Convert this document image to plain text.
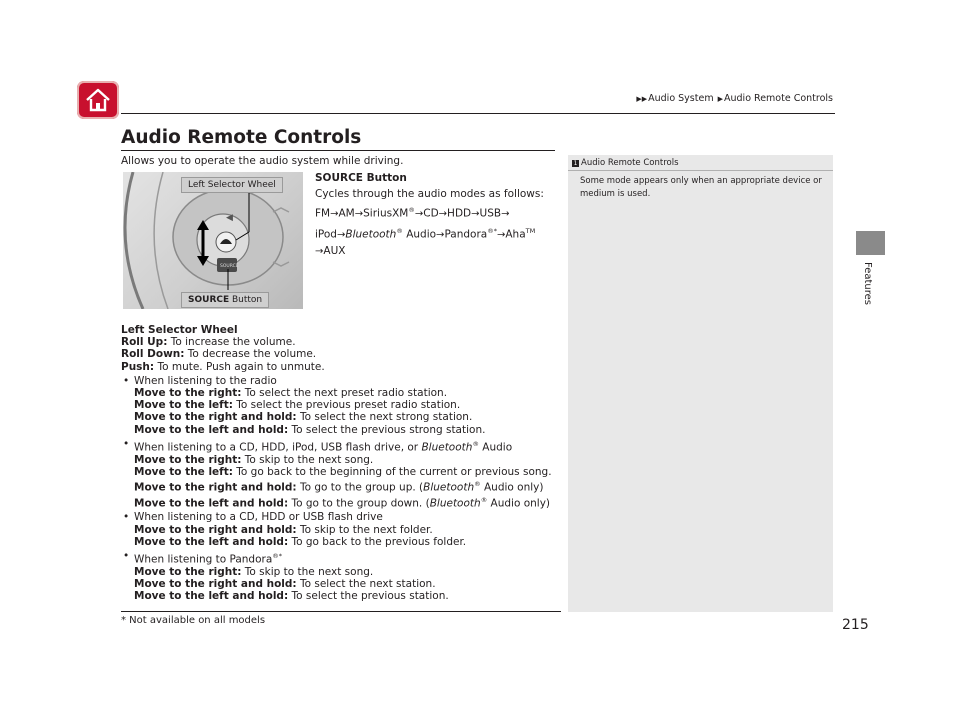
▶▶Audio System ▶Audio Remote Controls
Features
Audio Remote Controls
Allows you to operate the audio system while driving.
◀
SOURCE
Left Selector Wheel
SOURCE Button
SOURCE Button
Cycles through the audio modes as follows:
FM→AM→SiriusXM®→CD→HDD→USB→
iPod→Bluetooth® Audio→Pandora®*→Aha™
→AUX
Left Selector Wheel
Roll Up: To increase the volume.
Roll Down: To decrease the volume.
Push: To mute. Push again to unmute.
• When listening to the radio
Move to the right: To select the next preset radio station.
Move to the left: To select the previous preset radio station.
Move to the right and hold: To select the next strong station.
Move to the left and hold: To select the previous strong station.
• When listening to a CD, HDD, iPod, USB flash drive, or Bluetooth® Audio
Move to the right: To skip to the next song.
Move to the left: To go back to the beginning of the current or previous song.
Move to the right and hold: To go to the group up. (Bluetooth® Audio only)
Move to the left and hold: To go to the group down. (Bluetooth® Audio only)
• When listening to a CD, HDD or USB flash drive
Move to the right and hold: To skip to the next folder.
Move to the left and hold: To go back to the previous folder.
• When listening to Pandora®*
Move to the right: To skip to the next song.
Move to the right and hold: To select the next station.
Move to the left and hold: To select the previous station.
1 Audio Remote Controls
Some mode appears only when an appropriate device or medium is used.
* Not available on all models	215
